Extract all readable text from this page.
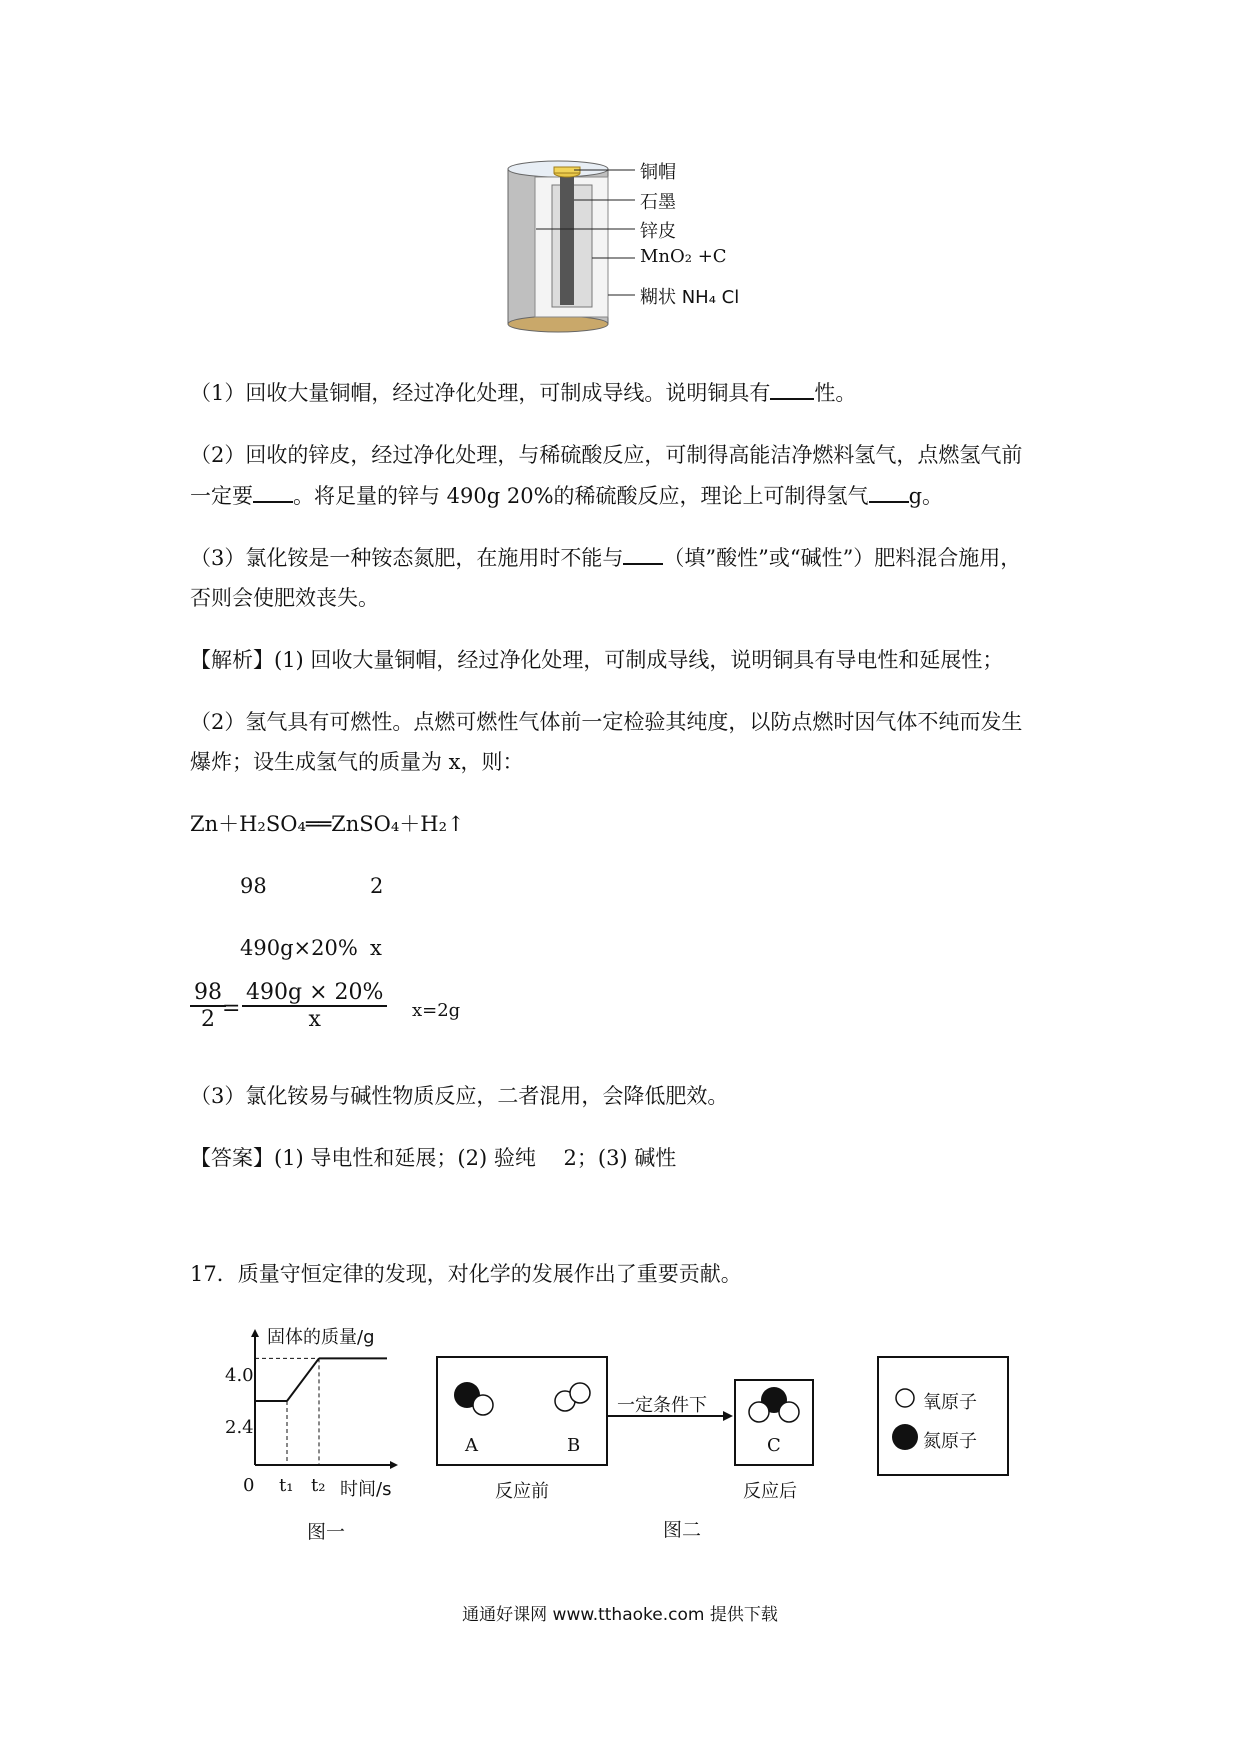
铜帽
石墨
锌皮
MnO₂ +C
糊状 NH₄ Cl
（1）回收大量铜帽，经过净化处理，可制成导线。说明铜具有 性。
（2）回收的锌皮，经过净化处理，与稀硫酸反应，可制得高能洁净燃料氢气，点燃氢气前
一定要 。将足量的锌与 490g 20%的稀硫酸反应，理论上可制得氢气 g。
（3）氯化铵是一种铵态氮肥，在施用时不能与 （填”酸性”或“碱性”）肥料混合施用，
否则会使肥效丧失。
【解析】(1) 回收大量铜帽，经过净化处理，可制成导线，说明铜具有导电性和延展性；
（2）氢气具有可燃性。点燃可燃性气体前一定检验其纯度，以防点燃时因气体不纯而发生
爆炸；设生成氢气的质量为 x，则：
Zn＋H₂SO₄══ZnSO₄＋H₂↑
98	2
490g×20% x
$\frac{98}{2}$
= $\frac{490g \times 20\%}{x} x=2g$
（3）氯化铵易与碱性物质反应，二者混用，会降低肥效。
【答案】(1) 导电性和延展；(2) 验纯　 2；(3) 碱性
17．质量守恒定律的发现，对化学的发展作出了重要贡献。
固体的质量/g
4.0
2.4
0 t₁ t₂ 时间/s
图一
A	B	C
一定条件下
反应前	反应后
氧原子
氮原子
图二
通通好课网 www.tthaoke.com 提供下载
